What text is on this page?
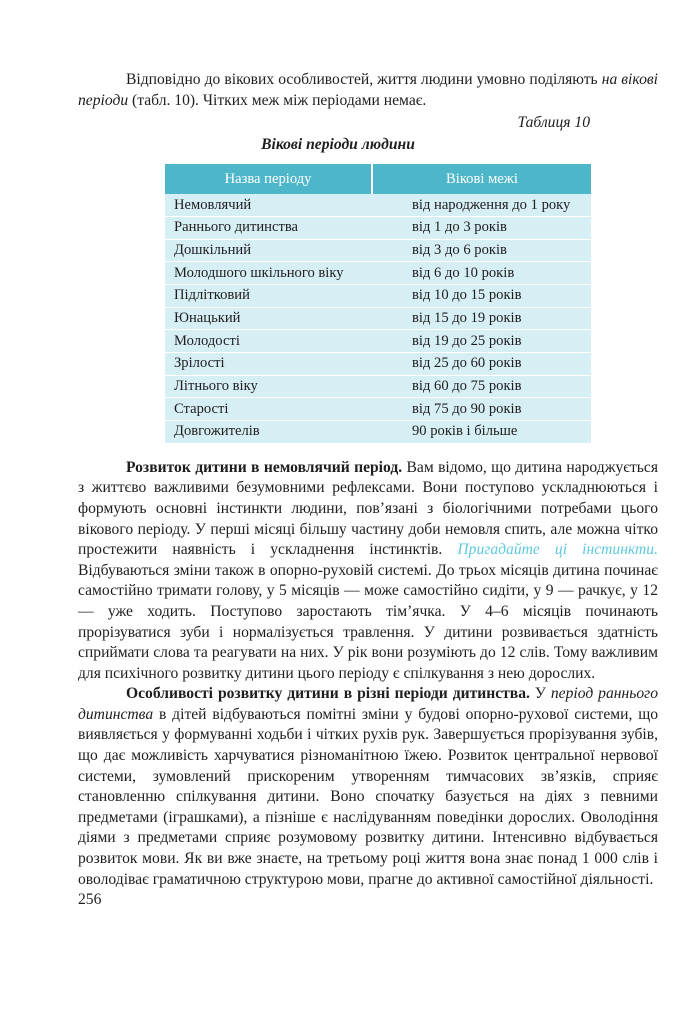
Відповідно до вікових особливостей, життя людини умовно поділяють на вікові періоди (табл. 10). Чітких меж між періодами немає.

Таблиця 10
Вікові періоди людини
Назва періоду	Вікові межі
Немовлячий	від народження до 1 року
Раннього дитинства	від 1 до 3 років
Дошкільний	від 3 до 6 років
Молодшого шкільного віку	від 6 до 10 років
Підлітковий	від 10 до 15 років
Юнацький	від 15 до 19 років
Молодості	від 19 до 25 років
Зрілості	від 25 до 60 років
Літнього віку	від 60 до 75 років
Старості	від 75 до 90 років
Довгожителів	90 років і більше

Розвиток дитини в немовлячий період. Вам відомо, що дитина народжується з життєво важливими безумовними рефлексами. Вони поступово ускладнюються і формують основні інстинкти людини, пов’язані з біологічними потребами цього вікового періоду. У перші місяці більшу частину доби немовля спить, але можна чітко простежити наявність і ускладнення інстинктів. Пригадайте ці інстинкти. Відбуваються зміни також в опорно-руховій системі. До трьох місяців дитина починає самостійно тримати голову, у 5 місяців — може самостійно сидіти, у 9 — рачкує, у 12 — уже ходить. Поступово заростають тім’ячка. У 4–6 місяців починають прорізуватися зуби і нормалізується травлення. У дитини розвивається здатність сприймати слова та реагувати на них. У рік вони розуміють до 12 слів. Тому важливим для психічного розвитку дитини цього періоду є спілкування з нею дорослих.

Особливості розвитку дитини в різні періоди дитинства. У період раннього дитинства в дітей відбуваються помітні зміни у будові опорно-рухової системи, що виявляється у формуванні ходьби і чітких рухів рук. Завершується прорізування зубів, що дає можливість харчуватися різноманітною їжею. Розвиток центральної нервової системи, зумовлений прискореним утворенням тимчасових зв’язків, сприяє становленню спілкування дитини. Воно спочатку базується на діях з певними предметами (іграшками), а пізніше є наслідуванням поведінки дорослих. Оволодіння діями з предметами сприяє розумовому розвитку дитини. Інтенсивно відбувається розвиток мови. Як ви вже знаєте, на третьому році життя вона знає понад 1 000 слів і оволодіває граматичною структурою мови, прагне до активної самостійної діяльності.

256
